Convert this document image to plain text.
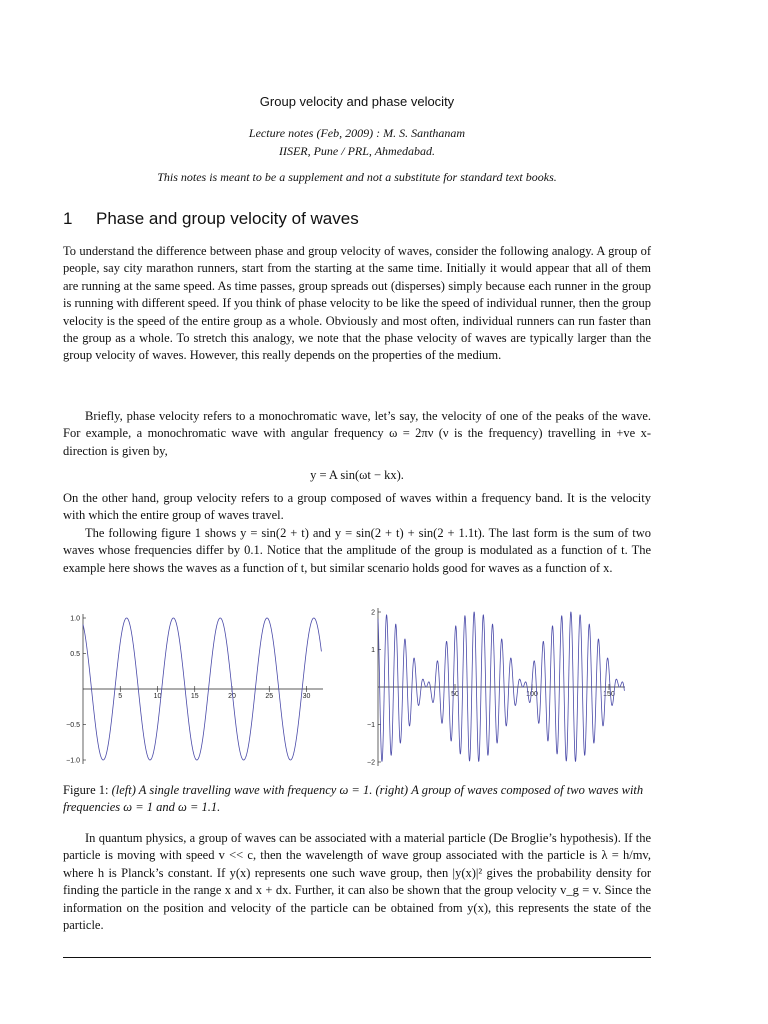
Group velocity and phase velocity
Lecture notes (Feb, 2009) : M. S. Santhanam
IISER, Pune / PRL, Ahmedabad.
This notes is meant to be a supplement and not a substitute for standard text books.
1 Phase and group velocity of waves
To understand the difference between phase and group velocity of waves, consider the following analogy. A group of people, say city marathon runners, start from the starting at the same time. Initially it would appear that all of them are running at the same speed. As time passes, group spreads out (disperses) simply because each runner in the group is running with different speed. If you think of phase velocity to be like the speed of individual runner, then the group velocity is the speed of the entire group as a whole. Obviously and most often, individual runners can run faster than the group as a whole. To stretch this analogy, we note that the phase velocity of waves are typically larger than the group velocity of waves. However, this really depends on the properties of the medium.
Briefly, phase velocity refers to a monochromatic wave, let’s say, the velocity of one of the peaks of the wave. For example, a monochromatic wave with angular frequency ω = 2πν (ν is the frequency) travelling in +ve x-direction is given by,
y = A sin(ωt − kx).
On the other hand, group velocity refers to a group composed of waves within a frequency band. It is the velocity with which the entire group of waves travel.
The following figure 1 shows y = sin(2 + t) and y = sin(2 + t) + sin(2 + 1.1t). The last form is the sum of two waves whose frequencies differ by 0.1. Notice that the amplitude of the group is modulated as a function of t. The example here shows the waves as a function of t, but similar scenario holds good for waves as a function of x.
5	10	15	20	25	30
1.0
0.5
−0.5
−1.0
50	100	150
2
1
−1
−2
Figure 1: (left) A single travelling wave with frequency ω = 1. (right) A group of waves composed of two waves with frequencies ω = 1 and ω = 1.1.
In quantum physics, a group of waves can be associated with a material particle (De Broglie’s hypothesis). If the particle is moving with speed v << c, then the wavelength of wave group associated with the particle is λ = h/mv, where h is Planck’s constant. If y(x) represents one such wave group, then |y(x)|² gives the probability density for finding the particle in the range x and x + dx. Further, it can also be shown that the group velocity v_g = v. Since the information on the position and velocity of the particle can be obtained from y(x), this represents the state of the particle.
